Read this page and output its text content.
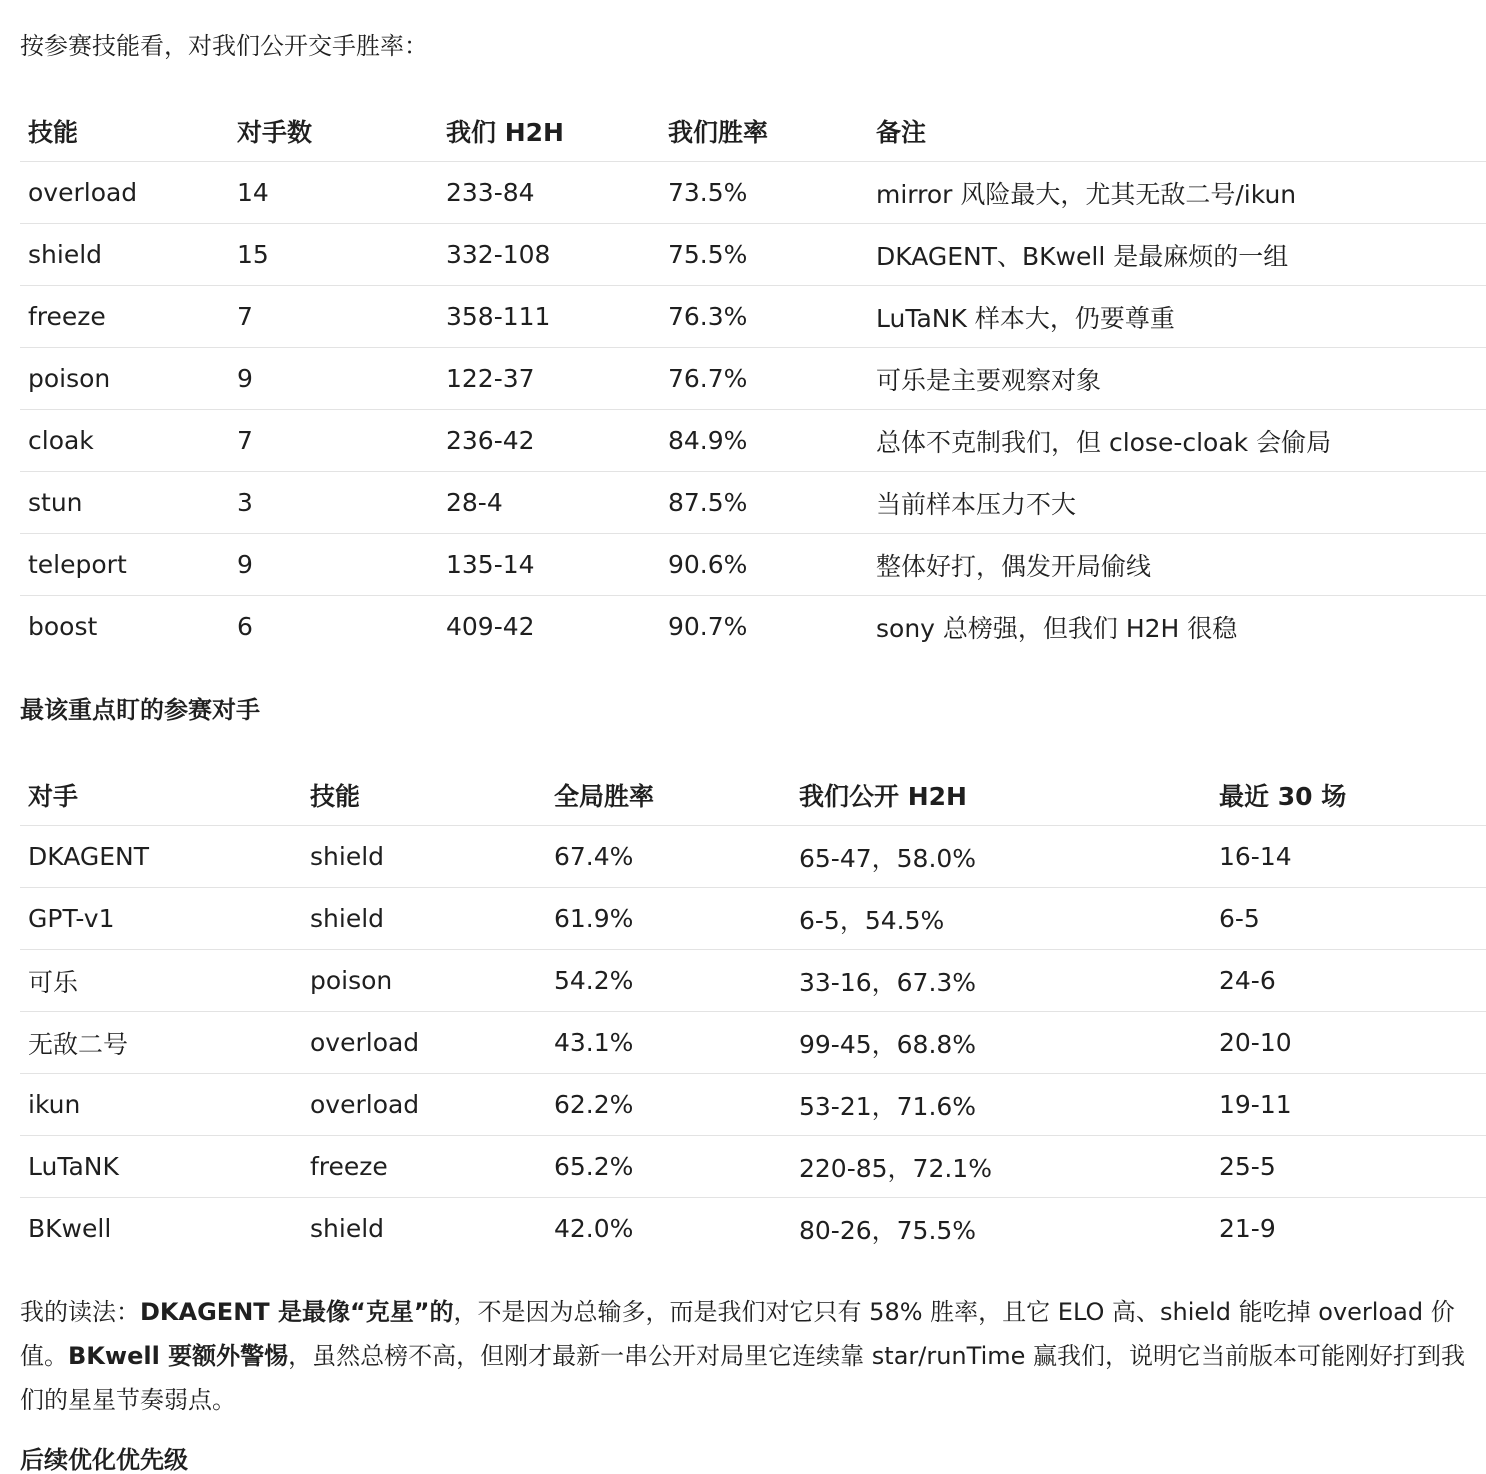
按参赛技能看，对我们公开交手胜率：
技能	对手数	我们 H2H	我们胜率	备注
overload	14	233-84	73.5%	mirror 风险最大，尤其无敌二号/ikun
shield	15	332-108	75.5%	DKAGENT、BKwell 是最麻烦的一组
freeze	7	358-111	76.3%	LuTaNK 样本大，仍要尊重
poison	9	122-37	76.7%	可乐是主要观察对象
cloak	7	236-42	84.9%	总体不克制我们，但 close-cloak 会偷局
stun	3	28-4	87.5%	当前样本压力不大
teleport	9	135-14	90.6%	整体好打，偶发开局偷线
boost	6	409-42	90.7%	sony 总榜强，但我们 H2H 很稳
最该重点盯的参赛对手
对手	技能	全局胜率	我们公开 H2H	最近 30 场
DKAGENT	shield	67.4%	65-47，58.0%	16-14
GPT-v1	shield	61.9%	6-5，54.5%	6-5
可乐	poison	54.2%	33-16，67.3%	24-6
无敌二号	overload	43.1%	99-45，68.8%	20-10
ikun	overload	62.2%	53-21，71.6%	19-11
LuTaNK	freeze	65.2%	220-85，72.1%	25-5
BKwell	shield	42.0%	80-26，75.5%	21-9
我的读法：DKAGENT 是最像“克星”的，不是因为总输多，而是我们对它只有 58% 胜率，且它 ELO 高、shield 能吃掉 overload 价值。BKwell 要额外警惕，虽然总榜不高，但刚才最新一串公开对局里它连续靠 star/runTime 赢我们，说明它当前版本可能刚好打到我们的星星节奏弱点。
后续优化优先级
